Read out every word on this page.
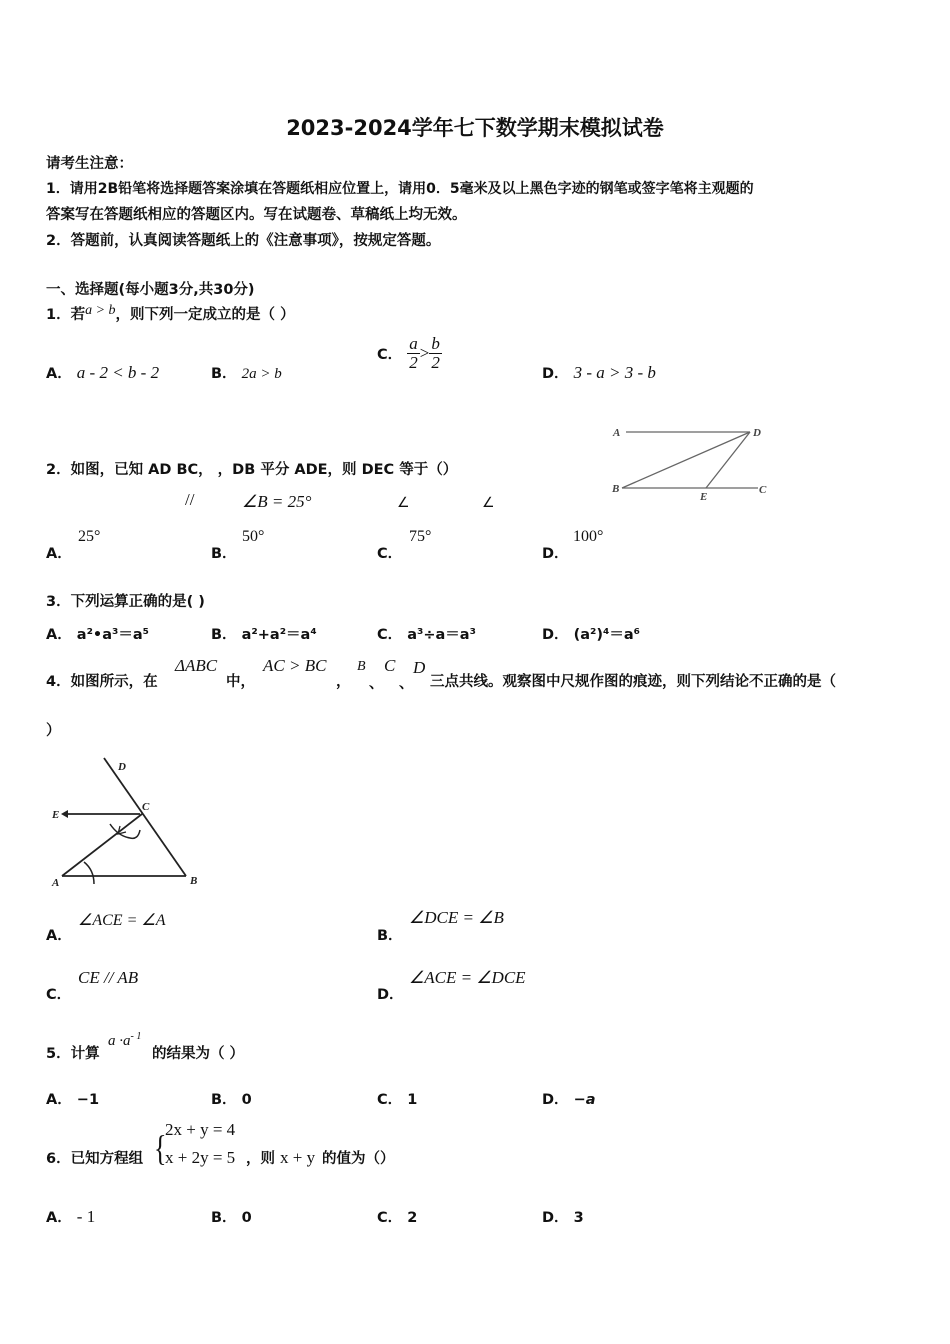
2023-2024学年七下数学期末模拟试卷
请考生注意：
1．请用2B铅笔将选择题答案涂填在答题纸相应位置上，请用0．5毫米及以上黑色字迹的钢笔或签字笔将主观题的
答案写在答题纸相应的答题区内。写在试题卷、草稿纸上均无效。
2．答题前，认真阅读答题纸上的《注意事项》，按规定答题。
一、选择题(每小题3分,共30分)
1．若a > b，则下列一定成立的是（ ）
A． a - 2 < b - 2	B． 2a > b
C． $\frac{a}{2} > \frac{b}{2}$
D． 3 - a > 3 - b
2．如图，已知 AD BC， ，DB 平分 ADE，则 DEC 等于（）
//	∠B = 25°	∠	∠
A	D
B
E
C
A．
25°
B．
50°
C．
75°
D．
100°
3．下列运算正确的是( )
A． a²•a³＝a⁵	B． a²+a²＝a⁴	C． a³÷a＝a³	D． (a²)⁴＝a⁶
4．如图所示，在
ΔABC
中，
AC > BC
，
B
、
C
、
D
三点共线。观察图中尺规作图的痕迹，则下列结论不正确的是（
）
D
E
C
A	B
A．
∠ACE = ∠A
B．
∠DCE = ∠B
C．
CE // AB
D．
∠ACE = ∠DCE
5．计算
$a \cdot a^{- 1}$
的结果为（ ）
A． −1	B． 0	C． 1	D． −a
6．已知方程组 {
2x + y = 4
x + 2y = 5 ，则 x + y 的值为（）
A． - 1	B． 0	C． 2	D． 3
